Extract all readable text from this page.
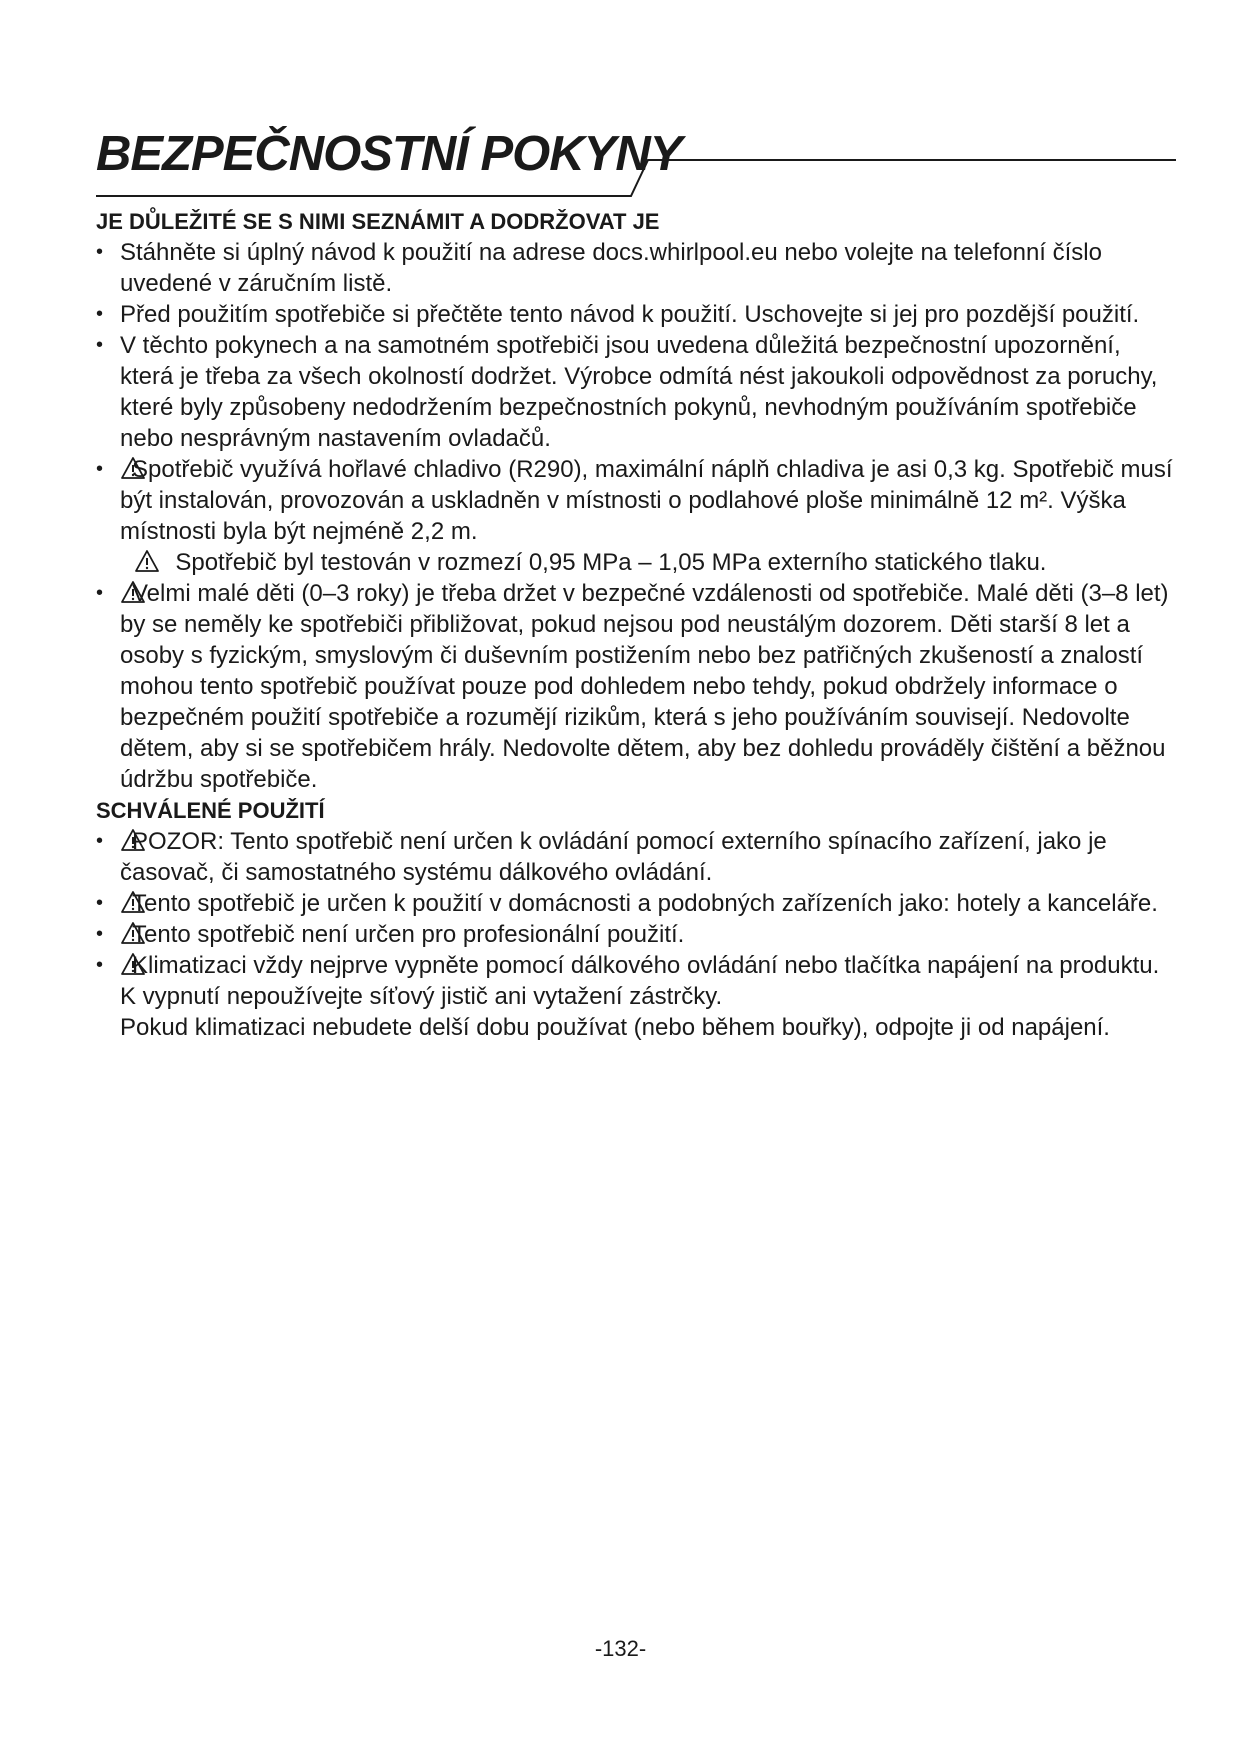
BEZPEČNOSTNÍ POKYNY
JE DŮLEŽITÉ SE S NIMI SEZNÁMIT A DODRŽOVAT JE
• Stáhněte si úplný návod k použití na adrese docs.whirlpool.eu nebo volejte na telefonní číslo uvedené v záručním listě.
• Před použitím spotřebiče si přečtěte tento návod k použití. Uschovejte si jej pro pozdější použití.
• V těchto pokynech a na samotném spotřebiči jsou uvedena důležitá bezpečnostní upozornění, která je třeba za všech okolností dodržet. Výrobce odmítá nést jakoukoli odpovědnost za poruchy, které byly způsobeny nedodržením bezpečnostních pokynů, nevhodným používáním spotřebiče nebo nesprávným nastavením ovladačů.
•	Spotřebič využívá hořlavé chladivo (R290), maximální náplň chladiva je asi 0,3 kg. Spotřebič musí být instalován, provozován a uskladněn v místnosti o podlahové ploše minimálně 12 m². Výška místnosti byla být nejméně 2,2 m.
Spotřebič byl testován v rozmezí 0,95 MPa – 1,05 MPa externího statického tlaku.
•	Velmi malé děti (0–3 roky) je třeba držet v bezpečné vzdálenosti od spotřebiče. Malé děti (3–8 let) by se neměly ke spotřebiči přibližovat, pokud nejsou pod neustálým dozorem. Děti starší 8 let a osoby s fyzickým, smyslovým či duševním postižením nebo bez patřičných zkušeností a znalostí mohou tento spotřebič používat pouze pod dohledem nebo tehdy, pokud obdržely informace o bezpečném použití spotřebiče a rozumějí rizikům, která s jeho používáním souvisejí. Nedovolte dětem, aby si se spotřebičem hrály. Nedovolte dětem, aby bez dohledu prováděly čištění a běžnou údržbu spotřebiče.
SCHVÁLENÉ POUŽITÍ
•	POZOR: Tento spotřebič není určen k ovládání pomocí externího spínacího zařízení, jako je časovač, či samostatného systému dálkového ovládání.
•	Tento spotřebič je určen k použití v domácnosti a podobných zařízeních jako: hotely a kanceláře.
•	Tento spotřebič není určen pro profesionální použití.
•	Klimatizaci vždy nejprve vypněte pomocí dálkového ovládání nebo tlačítka napájení na produktu.
K vypnutí nepoužívejte síťový jistič ani vytažení zástrčky.
Pokud klimatizaci nebudete delší dobu používat (nebo během bouřky), odpojte ji od napájení.
-132-
